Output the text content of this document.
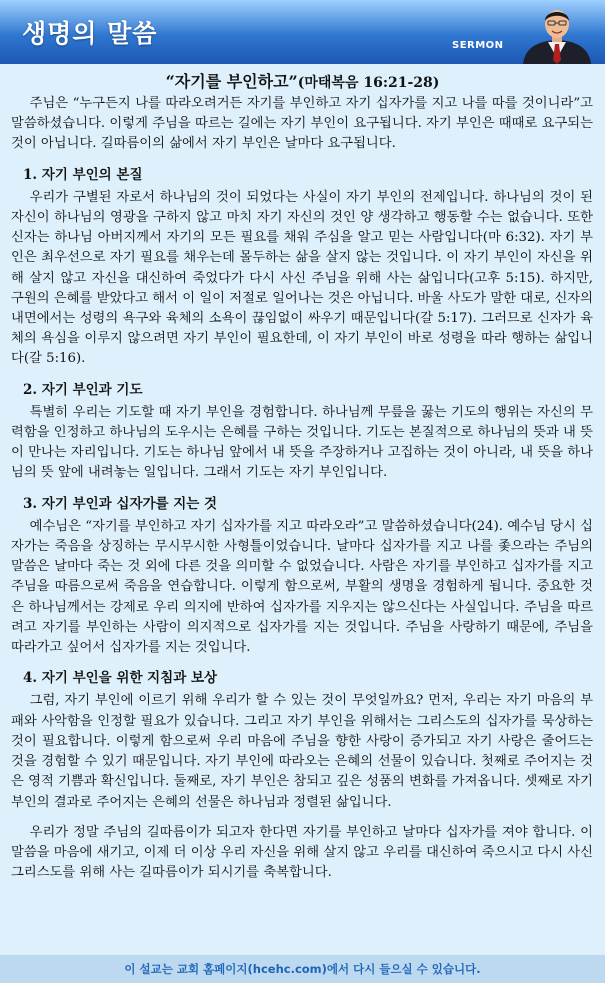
생명의 말씀	SERMON
“자기를 부인하고”(마태복음 16:21-28)

주님은 “누구든지 나를 따라오려거든 자기를 부인하고 자기 십자가를 지고 나를 따를 것이니라”고 말씀하셨습니다. 이렇게 주님을 따르는 길에는 자기 부인이 요구됩니다. 자기 부인은 때때로 요구되는 것이 아닙니다. 길따름이의 삶에서 자기 부인은 날마다 요구됩니다.

1. 자기 부인의 본질

우리가 구별된 자로서 하나님의 것이 되었다는 사실이 자기 부인의 전제입니다. 하나님의 것이 된 자신이 하나님의 영광을 구하지 않고 마치 자기 자신의 것인 양 생각하고 행동할 수는 없습니다. 또한 신자는 하나님 아버지께서 자기의 모든 필요를 채워 주심을 알고 믿는 사람입니다(마 6:32). 자기 부인은 최우선으로 자기 필요를 채우는데 몰두하는 삶을 살지 않는 것입니다. 이 자기 부인이 자신을 위해 살지 않고 자신을 대신하여 죽었다가 다시 사신 주님을 위해 사는 삶입니다(고후 5:15). 하지만, 구원의 은혜를 받았다고 해서 이 일이 저절로 일어나는 것은 아닙니다. 바울 사도가 말한 대로, 신자의 내면에서는 성령의 욕구와 육체의 소욕이 끊임없이 싸우기 때문입니다(갈 5:17). 그러므로 신자가 육체의 욕심을 이루지 않으려면 자기 부인이 필요한데, 이 자기 부인이 바로 성령을 따라 행하는 삶입니다(갈 5:16).

2. 자기 부인과 기도

특별히 우리는 기도할 때 자기 부인을 경험합니다. 하나님께 무릎을 꿇는 기도의 행위는 자신의 무력함을 인정하고 하나님의 도우시는 은혜를 구하는 것입니다. 기도는 본질적으로 하나님의 뜻과 내 뜻이 만나는 자리입니다. 기도는 하나님 앞에서 내 뜻을 주장하거나 고집하는 것이 아니라, 내 뜻을 하나님의 뜻 앞에 내려놓는 일입니다. 그래서 기도는 자기 부인입니다.

3. 자기 부인과 십자가를 지는 것

예수님은 “자기를 부인하고 자기 십자가를 지고 따라오라”고 말씀하셨습니다(24). 예수님 당시 십자가는 죽음을 상징하는 무시무시한 사형틀이었습니다. 날마다 십자가를 지고 나를 좇으라는 주님의 말씀은 날마다 죽는 것 외에 다른 것을 의미할 수 없었습니다. 사람은 자기를 부인하고 십자가를 지고 주님을 따름으로써 죽음을 연습합니다. 이렇게 함으로써, 부활의 생명을 경험하게 됩니다. 중요한 것은 하나님께서는 강제로 우리 의지에 반하여 십자가를 지우지는 않으신다는 사실입니다. 주님을 따르려고 자기를 부인하는 사람이 의지적으로 십자가를 지는 것입니다. 주님을 사랑하기 때문에, 주님을 따라가고 싶어서 십자가를 지는 것입니다.

4. 자기 부인을 위한 지침과 보상

그럼, 자기 부인에 이르기 위해 우리가 할 수 있는 것이 무엇일까요? 먼저, 우리는 자기 마음의 부패와 사악함을 인정할 필요가 있습니다. 그리고 자기 부인을 위해서는 그리스도의 십자가를 묵상하는 것이 필요합니다. 이렇게 함으로써 우리 마음에 주님을 향한 사랑이 증가되고 자기 사랑은 줄어드는 것을 경험할 수 있기 때문입니다. 자기 부인에 따라오는 은혜의 선물이 있습니다. 첫째로 주어지는 것은 영적 기쁨과 확신입니다. 둘째로, 자기 부인은 참되고 깊은 성품의 변화를 가져옵니다. 셋째로 자기 부인의 결과로 주어지는 은혜의 선물은 하나님과 정렬된 삶입니다.

우리가 정말 주님의 길따름이가 되고자 한다면 자기를 부인하고 날마다 십자가를 져야 합니다. 이 말씀을 마음에 새기고, 이제 더 이상 우리 자신을 위해 살지 않고 우리를 대신하여 죽으시고 다시 사신 그리스도를 위해 사는 길따름이가 되시기를 축복합니다.

이 설교는 교회 홈페이지(hcehc.com)에서 다시 들으실 수 있습니다.
